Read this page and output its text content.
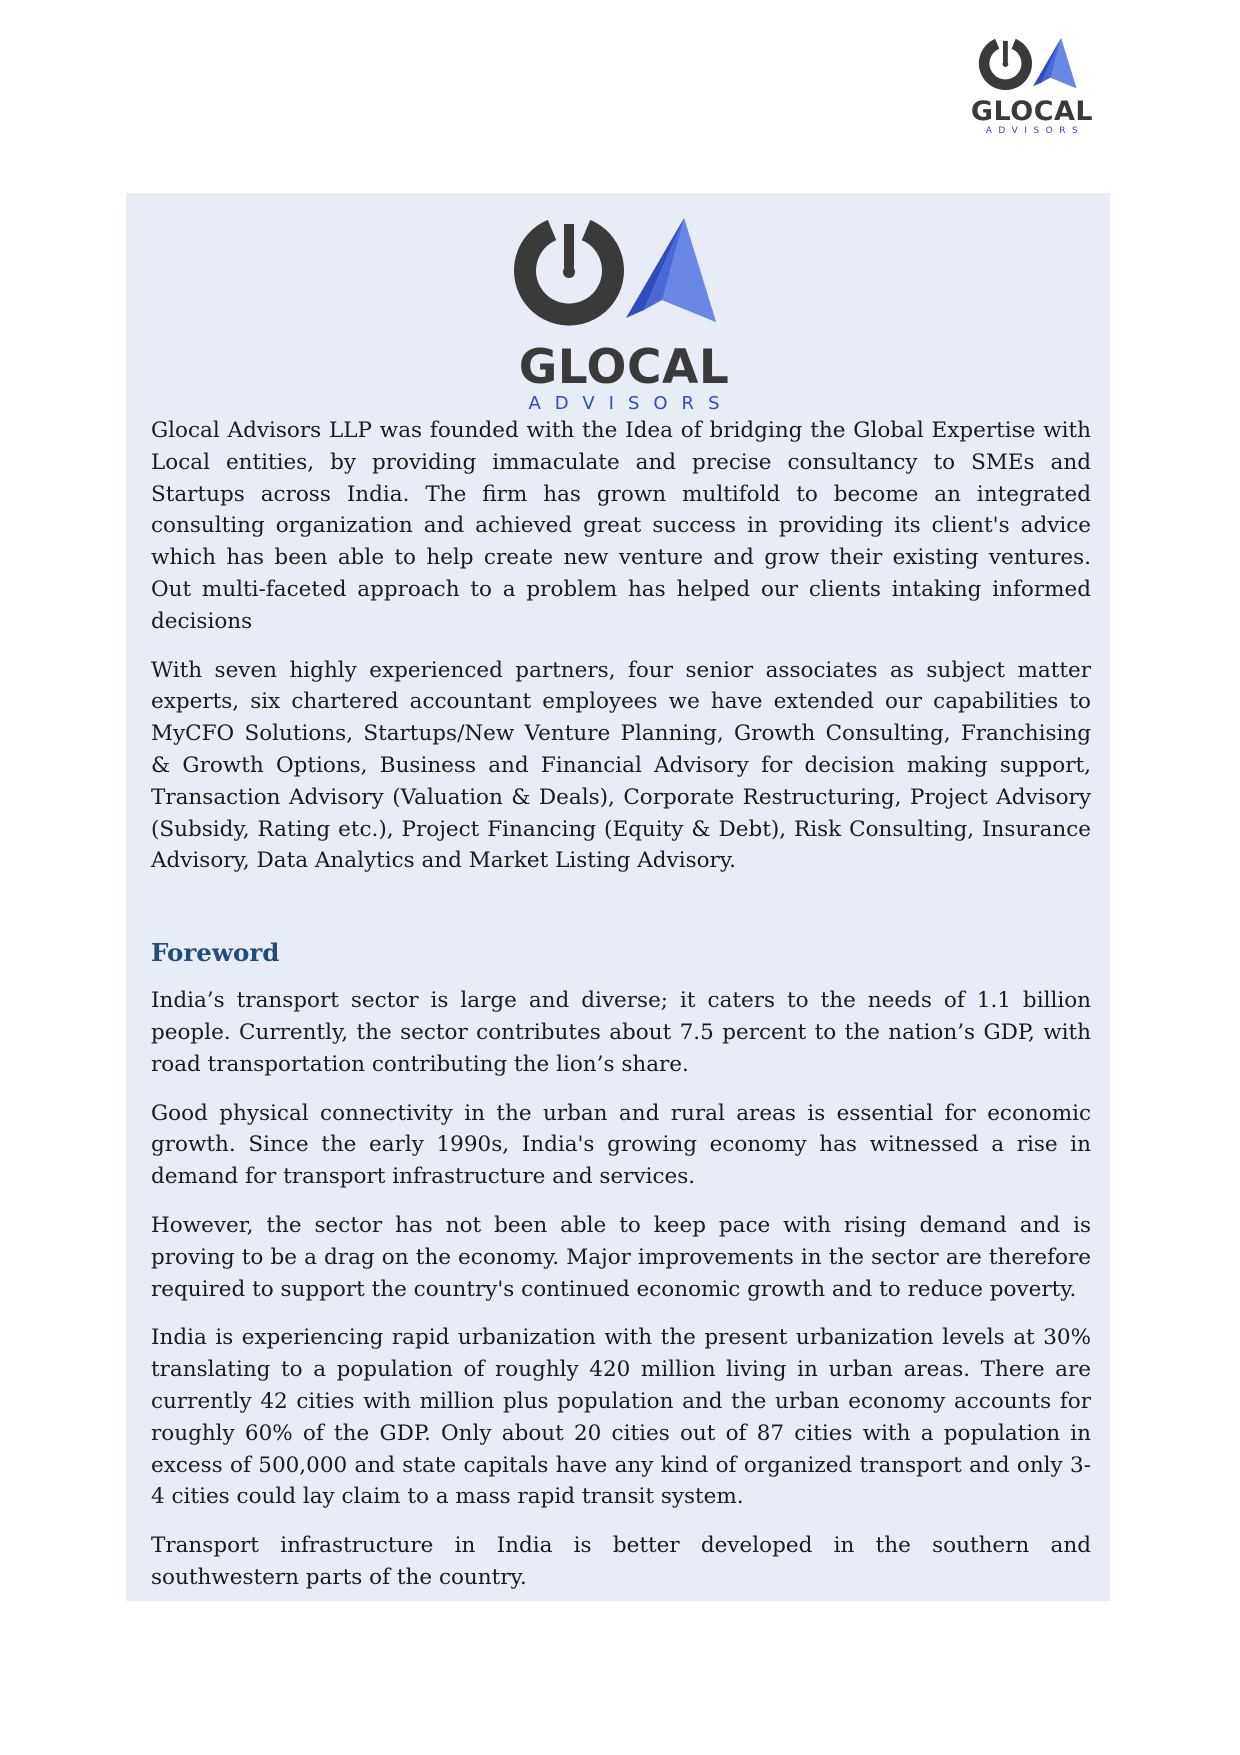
GLOCAL
ADVISORS
GLOCAL
ADVISORS

Glocal Advisors LLP was founded with the Idea of bridging the Global Expertise with Local entities, by providing immaculate and precise consultancy to SMEs and Startups across India. The firm has grown multifold to become an integrated consulting organization and achieved great success in providing its client's advice which has been able to help create new venture and grow their existing ventures. Out multi-faceted approach to a problem has helped our clients intaking informed decisions

With seven highly experienced partners, four senior associates as subject matter experts, six chartered accountant employees we have extended our capabilities to MyCFO Solutions, Startups/New Venture Planning, Growth Consulting, Franchising & Growth Options, Business and Financial Advisory for decision making support, Transaction Advisory (Valuation & Deals), Corporate Restructuring, Project Advisory (Subsidy, Rating etc.), Project Financing (Equity & Debt), Risk Consulting, Insurance Advisory, Data Analytics and Market Listing Advisory.

Foreword

India’s transport sector is large and diverse; it caters to the needs of 1.1 billion people. Currently, the sector contributes about 7.5 percent to the nation’s GDP, with road transportation contributing the lion’s share.

Good physical connectivity in the urban and rural areas is essential for economic growth. Since the early 1990s, India's growing economy has witnessed a rise in demand for transport infrastructure and services.

However, the sector has not been able to keep pace with rising demand and is proving to be a drag on the economy. Major improvements in the sector are therefore required to support the country's continued economic growth and to reduce poverty.

India is experiencing rapid urbanization with the present urbanization levels at 30% translating to a population of roughly 420 million living in urban areas. There are currently 42 cities with million plus population and the urban economy accounts for roughly 60% of the GDP. Only about 20 cities out of 87 cities with a population in excess of 500,000 and state capitals have any kind of organized transport and only 3-4 cities could lay claim to a mass rapid transit system.

Transport infrastructure in India is better developed in the southern and southwestern parts of the country.
